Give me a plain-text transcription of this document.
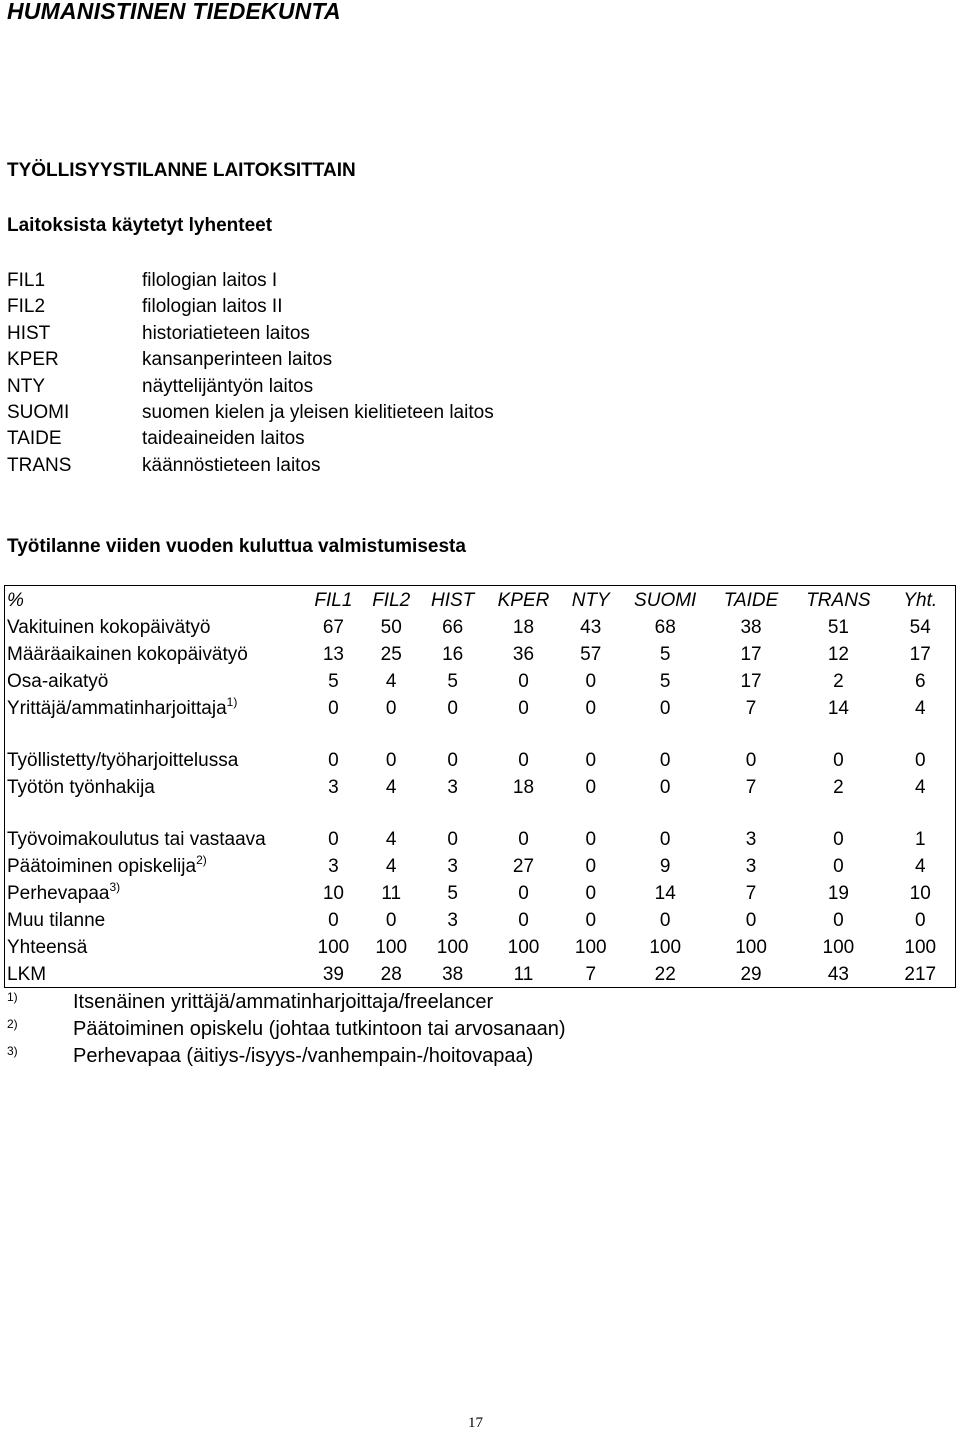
HUMANISTINEN TIEDEKUNTA
TYÖLLISYYSTILANNE LAITOKSITTAIN
Laitoksista käytetyt lyhenteet
FIL1	filologian laitos I
FIL2	filologian laitos II
HIST	historiatieteen laitos
KPER	kansanperinteen laitos
NTY	näyttelijäntyön laitos
SUOMI	suomen kielen ja yleisen kielitieteen laitos
TAIDE	taideaineiden laitos
TRANS	käännöstieteen laitos
Työtilanne viiden vuoden kuluttua valmistumisesta
%	FIL1	FIL2	HIST	KPER	NTY	SUOMI	TAIDE	TRANS	Yht.
Vakituinen kokopäivätyö	67	50	66	18	43	68	38	51	54
Määräaikainen kokopäivätyö	13	25	16	36	57	5	17	12	17
Osa-aikatyö	5	4	5	0	0	5	17	2	6
Yrittäjä/ammatinharjoittaja$^{1)}$	0	0	0	0	0	0	7	14	4
Työllistetty/työharjoittelussa	0	0	0	0	0	0	0	0	0
Työtön työnhakija	3	4	3	18	0	0	7	2	4
Työvoimakoulutus tai vastaava	0	4	0	0	0	0	3	0	1
Päätoiminen opiskelija$^{2)}$	3	4	3	27	0	9	3	0	4
Perhevapaa$^{3)}$	10	11	5	0	0	14	7	19	10
Muu tilanne	0	0	3	0	0	0	0	0	0
Yhteensä	100	100	100	100	100	100	100	100	100
LKM	39	28	38	11	7	22	29	43	217
1)	Itsenäinen yrittäjä/ammatinharjoittaja/freelancer
2)	Päätoiminen opiskelu (johtaa tutkintoon tai arvosanaan)
3)	Perhevapaa (äitiys-/isyys-/vanhempain-/hoitovapaa)
17
